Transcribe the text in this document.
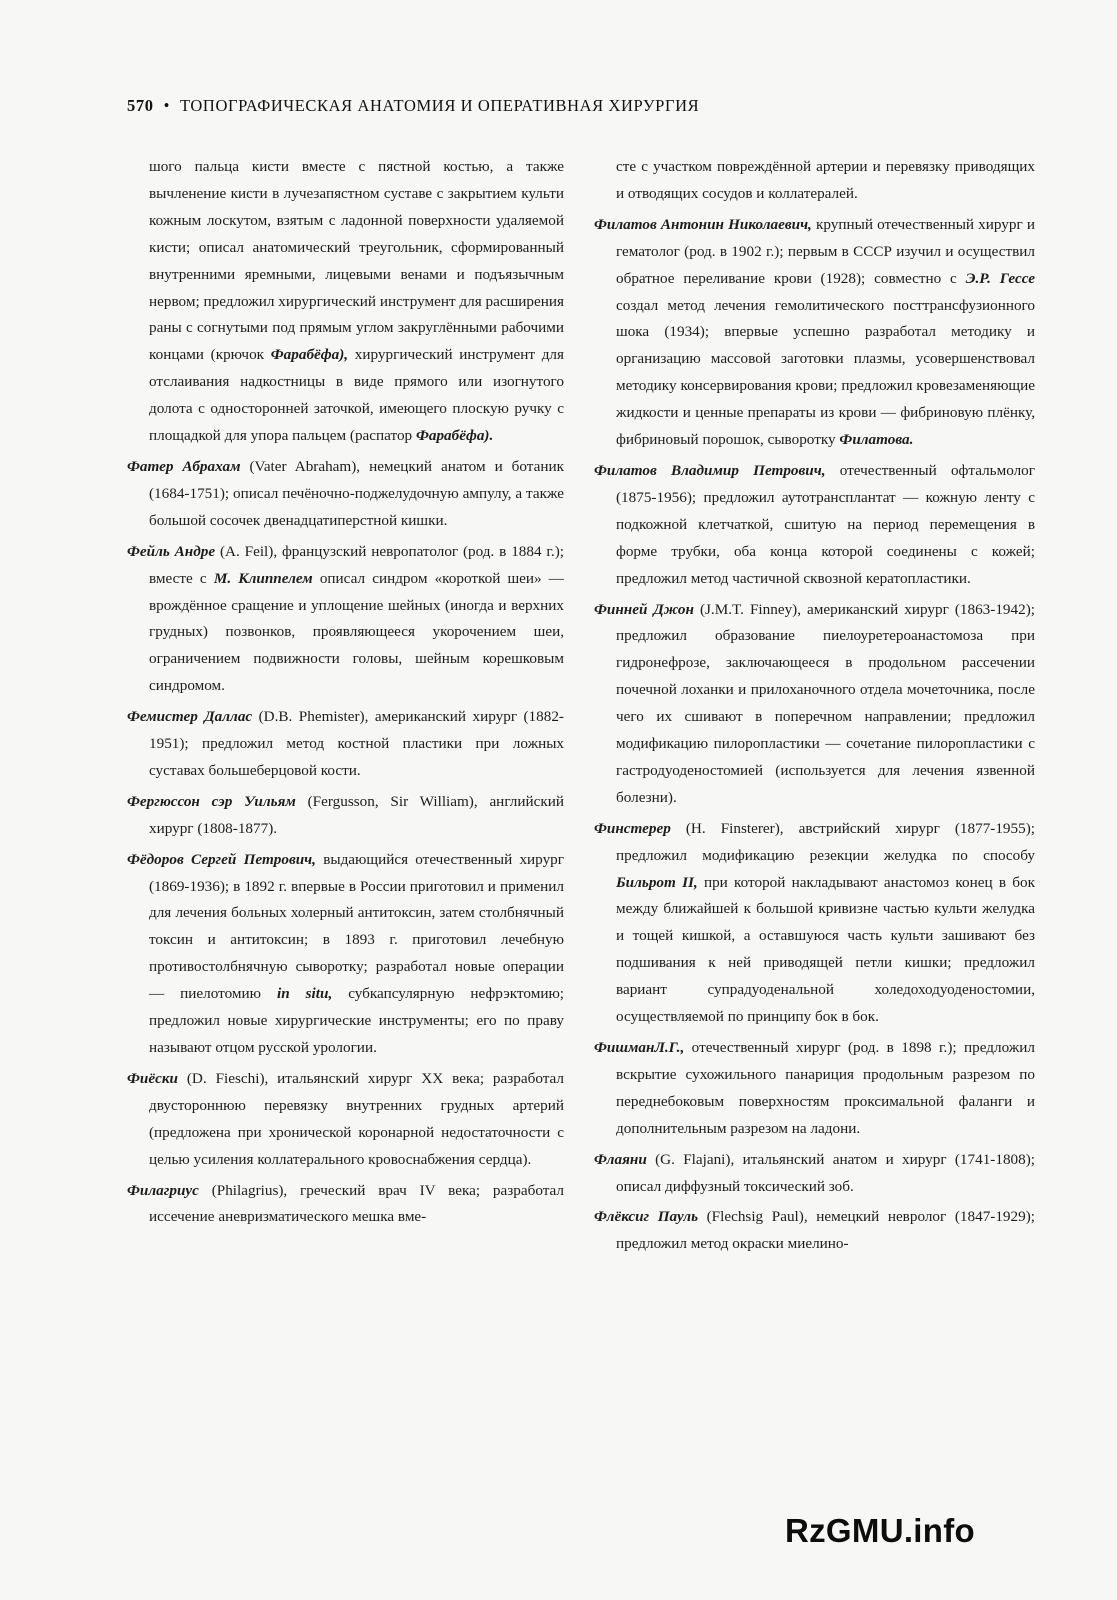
570 • ТОПОГРАФИЧЕСКАЯ АНАТОМИЯ И ОПЕРАТИВНАЯ ХИРУРГИЯ

шого пальца кисти вместе с пястной костью, а также вычленение кисти в лучезапястном суставе с закрытием культи кожным лоскутом, взятым с ладонной поверхности удаляемой кисти; описал анатомический треугольник, сформированный внутренними яремными, лицевыми венами и подъязычным нервом; предложил хирургический инструмент для расширения раны с согнутыми под прямым углом закруглёнными рабочими концами (крючок Фарабёфа), хирургический инструмент для отслаивания надкостницы в виде прямого или изогнутого долота с односторонней заточкой, имеющего плоскую ручку с площадкой для упора пальцем (распатор Фарабёфа).

Фатер Абрахам (Vater Abraham), немецкий анатом и ботаник (1684-1751); описал печёночно-поджелудочную ампулу, а также большой сосочек двенадцатиперстной кишки.

Фейль Андре (A. Feil), французский невропатолог (род. в 1884 г.); вместе с М. Клиппелем описал синдром «короткой шеи» — врождённое сращение и уплощение шейных (иногда и верхних грудных) позвонков, проявляющееся укорочением шеи, ограничением подвижности головы, шейным корешковым синдромом.

Фемистер Даллас (D.B. Phemister), американский хирург (1882-1951); предложил метод костной пластики при ложных суставах большеберцовой кости.

Фергюссон сэр Уильям (Fergusson, Sir William), английский хирург (1808-1877).

Фёдоров Сергей Петрович, выдающийся отечественный хирург (1869-1936); в 1892 г. впервые в России приготовил и применил для лечения больных холерный антитоксин, затем столбнячный токсин и антитоксин; в 1893 г. приготовил лечебную противостолбнячную сыворотку; разработал новые операции — пиелотомию in situ, субкапсулярную нефрэктомию; предложил новые хирургические инструменты; его по праву называют отцом русской урологии.

Фиёски (D. Fieschi), итальянский хирург XX века; разработал двустороннюю перевязку внутренних грудных артерий (предложена при хронической коронарной недостаточности с целью усиления коллатерального кровоснабжения сердца).

Филагриус (Philagrius), греческий врач IV века; разработал иссечение аневризматического мешка вме-

сте с участком повреждённой артерии и перевязку приводящих и отводящих сосудов и коллатералей.

Филатов Антонин Николаевич, крупный отечественный хирург и гематолог (род. в 1902 г.); первым в СССР изучил и осуществил обратное переливание крови (1928); совместно с Э.Р. Гессе создал метод лечения гемолитического посттрансфузионного шока (1934); впервые успешно разработал методику и организацию массовой заготовки плазмы, усовершенствовал методику консервирования крови; предложил кровезаменяющие жидкости и ценные препараты из крови — фибриновую плёнку, фибриновый порошок, сыворотку Филатова.

Филатов Владимир Петрович, отечественный офтальмолог (1875-1956); предложил аутотрансплантат — кожную ленту с подкожной клетчаткой, сшитую на период перемещения в форме трубки, оба конца которой соединены с кожей; предложил метод частичной сквозной кератопластики.

Финней Джон (J.M.T. Finney), американский хирург (1863-1942); предложил образование пиелоуретероанастомоза при гидронефрозе, заключающееся в продольном рассечении почечной лоханки и прилоханочного отдела мочеточника, после чего их сшивают в поперечном направлении; предложил модификацию пилоропластики — сочетание пилоропластики с гастродуоденостомией (используется для лечения язвенной болезни).

Финстерер (H. Finsterer), австрийский хирург (1877-1955); предложил модификацию резекции желудка по способу Бильрот II, при которой накладывают анастомоз конец в бок между ближайшей к большой кривизне частью культи желудка и тощей кишкой, а оставшуюся часть культи зашивают без подшивания к ней приводящей петли кишки; предложил вариант супрадуоденальной холедоходуоденостомии, осуществляемой по принципу бок в бок.

ФишманЛ.Г., отечественный хирург (род. в 1898 г.); предложил вскрытие сухожильного панариция продольным разрезом по переднебоковым поверхностям проксимальной фаланги и дополнительным разрезом на ладони.

Флаяни (G. Flajani), итальянский анатом и хирург (1741-1808); описал диффузный токсический зоб.

Флёксиг Пауль (Flechsig Paul), немецкий невролог (1847-1929); предложил метод окраски миелино-

RzGMU.info
